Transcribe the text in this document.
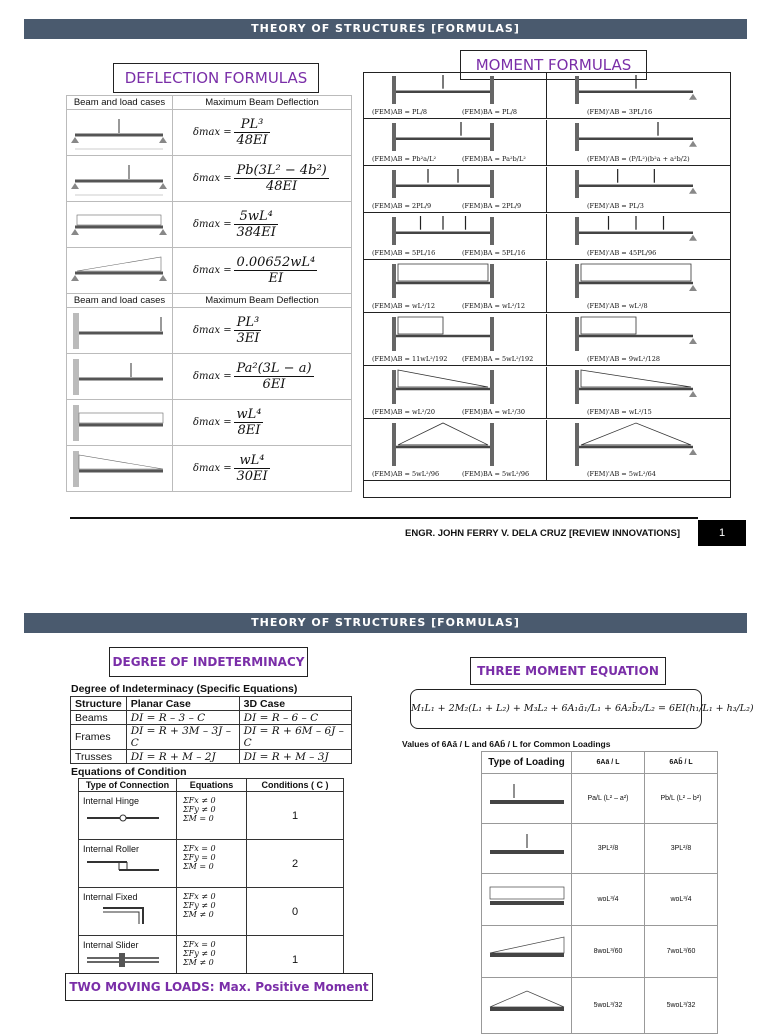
THEORY OF STRUCTURES [FORMULAS]
DEFLECTION FORMULAS
MOMENT FORMULAS
Beam and load cases	Maximum Beam Deflection

	$\delta\max = \frac{\text{PL³}}{48EI}$

	$\delta\max = \frac{\text{Pb(3L² − 4b²)}}{48EI}$

	$\delta\max = \frac{\text{5wL⁴}}{384EI}$

	$\delta\max = \frac{\text{0.00652wL⁴}}{EI}$

Beam and load cases	Maximum Beam Deflection

	$\delta\max = \frac{\text{PL³}}{3EI}$

	$\delta\max = \frac{\text{Pa²(3L − a)}}{6EI}$

	$\delta\max = \frac{\text{wL⁴}}{8EI}$

	$\delta\max = \frac{\text{wL⁴}}{30EI}$
(FEM)AB = PL/8	(FEM)BA = PL/8	(FEM)'AB = 3PL/16
(FEM)AB = Pb²a/L²	(FEM)BA = Pa²b/L²	(FEM)'AB = (P/L²)(b²a + a²b/2)
(FEM)AB = 2PL/9	(FEM)BA = 2PL/9	(FEM)'AB = PL/3
(FEM)AB = 5PL/16	(FEM)BA = 5PL/16	(FEM)'AB = 45PL/96
(FEM)AB = wL²/12	(FEM)BA = wL²/12	(FEM)'AB = wL²/8
(FEM)AB = 11wL²/192 (FEM)BA = 5wL²/192	(FEM)'AB = 9wL²/128
(FEM)AB = wL²/20	(FEM)BA = wL²/30	(FEM)'AB = wL²/15
(FEM)AB = 5wL²/96	(FEM)BA = 5wL²/96	(FEM)'AB = 5wL²/64
ENGR. JOHN FERRY V. DELA CRUZ [REVIEW INNOVATIONS]	1
THEORY OF STRUCTURES [FORMULAS]
DEGREE OF INDETERMINACY
THREE MOMENT EQUATION
Degree of Indeterminacy (Specific Equations)
Structure	Planar Case	3D Case
Beams	DI = R – 3 – C	DI = R – 6 – C
Frames	DI = R + 3M – 3J – C	DI = R + 6M – 6J – C
Trusses	DI = R + M – 2J	DI = R + M – 3J
Equations of Condition
Type of Connection	Equations	Conditions ( C )

Internal Hinge	ΣFx ≠ 0
ΣFy ≠ 0
ΣM = 0	1

Internal Roller	ΣFx = 0
ΣFy = 0
ΣM = 0	2

Internal Fixed	ΣFx ≠ 0
ΣFy ≠ 0
ΣM ≠ 0	0

Internal Slider	ΣFx = 0
ΣFy ≠ 0
ΣM ≠ 0	1
TWO MOVING LOADS: Max. Positive Moment
M₁L₁ + 2M₂(L₁ + L₂) + M₃L₂ + 6A₁ā₁/L₁ + 6A₂b̄₂/L₂ = 6EI(h₁/L₁ + h₃/L₂)
Values of 6Aā / L and 6Ab̄ / L for Common Loadings
Type of Loading	6Aā / L	6Ab̄ / L
	Pa/L (L² – a²)	Pb/L (L² – b²)
	3PL²/8	3PL²/8
	woL³/4	woL³/4
	8woL³/60	7woL³/60
	5woL³/32	5woL³/32
